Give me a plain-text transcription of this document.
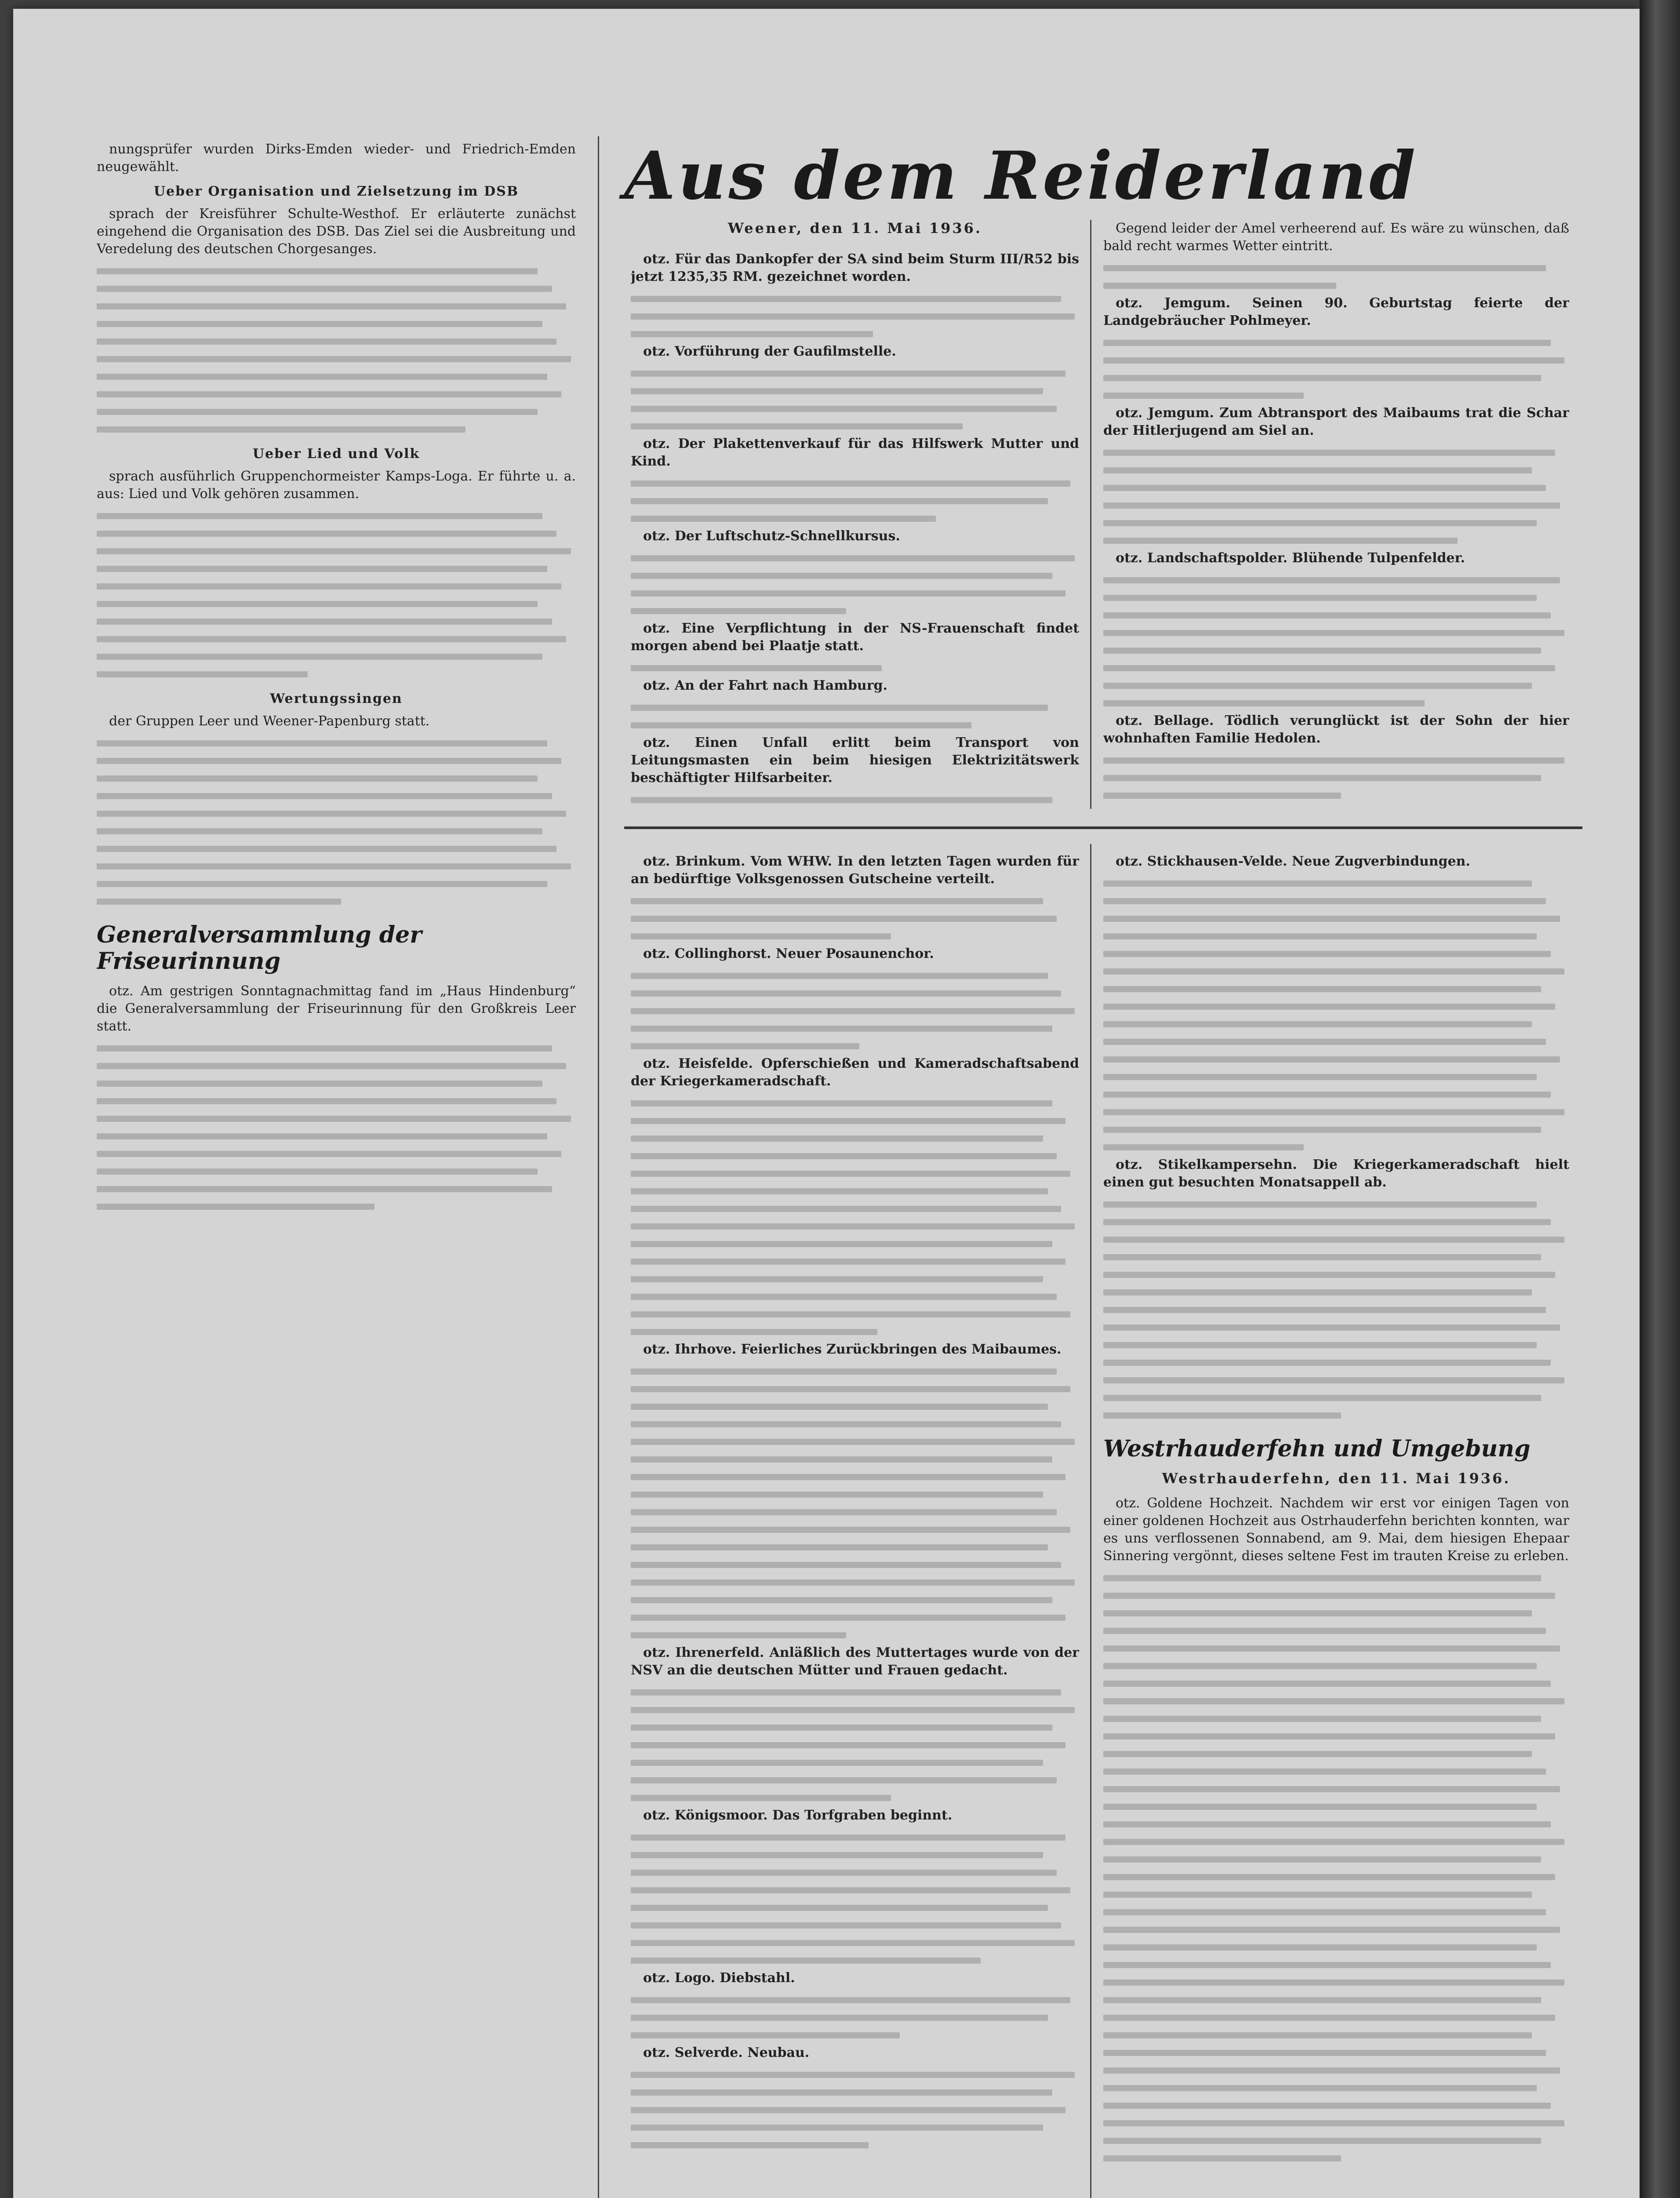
nungsprüfer wurden Dirks-Emden wieder- und Friedrich-Emden neugewählt.

Ueber Organisation und Zielsetzung im DSB

sprach der Kreisführer Schulte-Westhof. Er erläuterte zunächst eingehend die Organisation des DSB. Das Ziel sei die Ausbreitung und Veredelung des deutschen Chorgesanges.

Ueber Lied und Volk

sprach ausführlich Gruppenchormeister Kamps-Loga. Er führte u. a. aus: Lied und Volk gehören zusammen.

Wertungssingen

der Gruppen Leer und Weener-Papenburg statt.

Generalversammlung der Friseurinnung

otz. Am gestrigen Sonntagnachmittag fand im „Haus Hindenburg“ die Generalversammlung der Friseurinnung für den Großkreis Leer statt.

Aus dem Reiderland
Weener, den 11. Mai 1936.

otz. Für das Dankopfer der SA sind beim Sturm III/R52 bis jetzt 1235,35 RM. gezeichnet worden.

otz. Vorführung der Gaufilmstelle.

otz. Der Plakettenverkauf für das Hilfswerk Mutter und Kind.

otz. Der Luftschutz-Schnellkursus.

otz. Eine Verpflichtung in der NS-Frauenschaft findet morgen abend bei Plaatje statt.

otz. An der Fahrt nach Hamburg.

otz. Einen Unfall erlitt beim Transport von Leitungsmasten ein beim hiesigen Elektrizitätswerk beschäftigter Hilfsarbeiter.

Gegend leider der Amel verheerend auf. Es wäre zu wünschen, daß bald recht warmes Wetter eintritt.

otz. Jemgum. Seinen 90. Geburtstag feierte der Landgebräucher Pohlmeyer.

otz. Jemgum. Zum Abtransport des Maibaums trat die Schar der Hitlerjugend am Siel an.

otz. Landschaftspolder. Blühende Tulpenfelder.

otz. Bellage. Tödlich verunglückt ist der Sohn der hier wohnhaften Familie Hedolen.

otz. Brinkum. Vom WHW. In den letzten Tagen wurden für an bedürftige Volksgenossen Gutscheine verteilt.

otz. Collinghorst. Neuer Posaunenchor.

otz. Heisfelde. Opferschießen und Kameradschaftsabend der Kriegerkameradschaft.

otz. Ihrhove. Feierliches Zurückbringen des Maibaumes.

otz. Ihrenerfeld. Anläßlich des Muttertages wurde von der NSV an die deutschen Mütter und Frauen gedacht.

otz. Königsmoor. Das Torfgraben beginnt.

otz. Logo. Diebstahl.

otz. Selverde. Neubau.

otz. Stickhausen-Velde. Neue Zugverbindungen.

otz. Stikelkampersehn. Die Kriegerkameradschaft hielt einen gut besuchten Monatsappell ab.

Westrhauderfehn und Umgebung
Westrhauderfehn, den 11. Mai 1936.

otz. Goldene Hochzeit. Nachdem wir erst vor einigen Tagen von einer goldenen Hochzeit aus Ostrhauderfehn berichten konnten, war es uns verflossenen Sonnabend, am 9. Mai, dem hiesigen Ehepaar Sinnering vergönnt, dieses seltene Fest im trauten Kreise zu erleben.
